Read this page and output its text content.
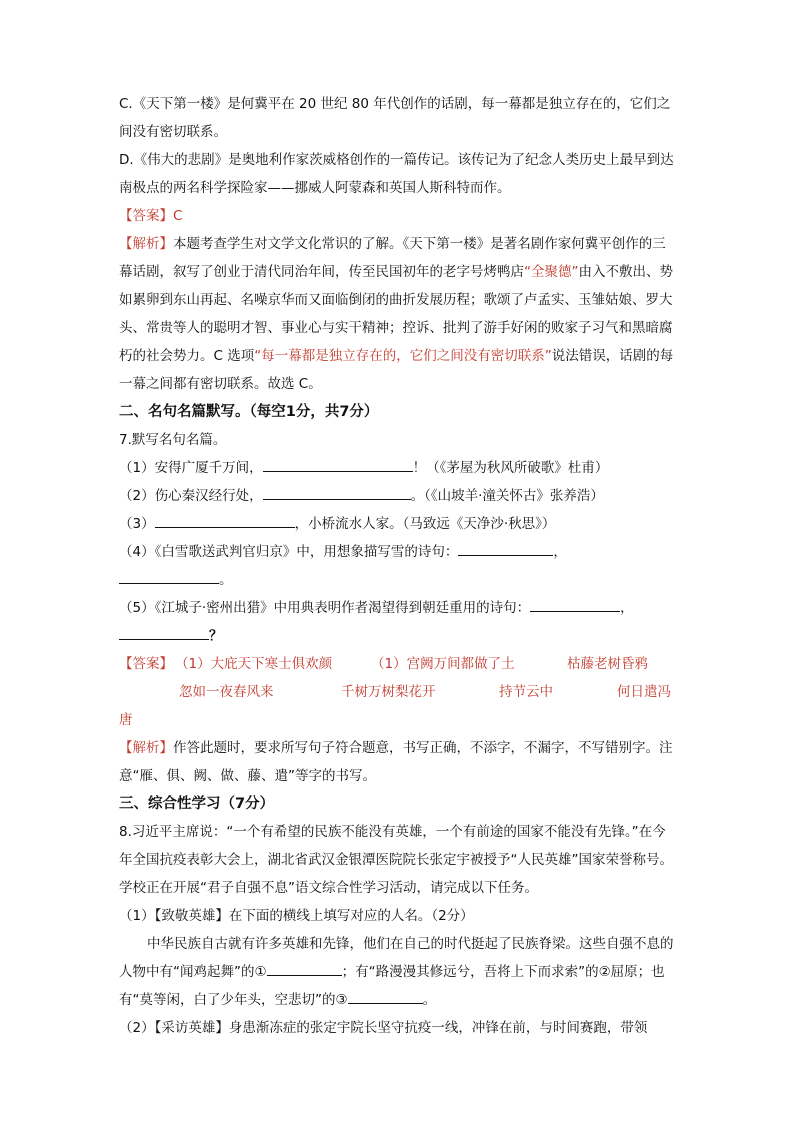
C.《天下第一楼》是何冀平在 20 世纪 80 年代创作的话剧，每一幕都是独立存在的，它们之间没有密切联系。

D.《伟大的悲剧》是奥地利作家茨威格创作的一篇传记。该传记为了纪念人类历史上最早到达南极点的两名科学探险家——挪威人阿蒙森和英国人斯科特而作。

【答案】C

【解析】本题考查学生对文学文化常识的了解。《天下第一楼》是著名剧作家何冀平创作的三幕话剧，叙写了创业于清代同治年间，传至民国初年的老字号烤鸭店“全聚德”由入不敷出、势如累卵到东山再起、名噪京华而又面临倒闭的曲折发展历程；歌颂了卢孟实、玉雏姑娘、罗大头、常贵等人的聪明才智、事业心与实干精神；控诉、批判了游手好闲的败家子习气和黑暗腐朽的社会势力。C 选项“每一幕都是独立存在的，它们之间没有密切联系”说法错误，话剧的每一幕之间都有密切联系。故选 C。

二、名句名篇默写。（每空1分，共7分）

7.默写名句名篇。

（1）安得广厦千万间，	！（《茅屋为秋风所破歌》杜甫）

（2）伤心秦汉经行处，	。（《山坡羊·潼关怀古》张养浩）

（3）	，小桥流水人家。（马致远《天净沙·秋思》）

（4）《白雪歌送武判官归京》中，用想象描写雪的诗句：	，
。

（5）《江城子·密州出猎》中用典表明作者渴望得到朝廷重用的诗句：	，
？

【答案】 （1）大庇天下寒士俱欢颜	（1）宫阙万间都做了土	枯藤老树昏鸦
忽如一夜春风来	千树万树梨花开	持节云中	何日遣冯

唐

【解析】作答此题时，要求所写句子符合题意，书写正确，不添字，不漏字，不写错别字。注意“雁、俱、阙、做、藤、遣”等字的书写。

三、综合性学习（7分）

8.习近平主席说：“一个有希望的民族不能没有英雄，一个有前途的国家不能没有先锋。”在今年全国抗疫表彰大会上，湖北省武汉金银潭医院院长张定宇被授予“人民英雄”国家荣誉称号。学校正在开展“君子自强不息”语文综合性学习活动，请完成以下任务。

（1）【致敬英雄】在下面的横线上填写对应的人名。（2分）

中华民族自古就有许多英雄和先锋，他们在自己的时代挺起了民族脊梁。这些自强不息的人物中有“闻鸡起舞”的①	；有“路漫漫其修远兮，吾将上下而求索”的②屈原；也有“莫等闲，白了少年头，空悲切”的③	。

（2）【采访英雄】身患渐冻症的张定宇院长坚守抗疫一线，冲锋在前，与时间赛跑，带领
